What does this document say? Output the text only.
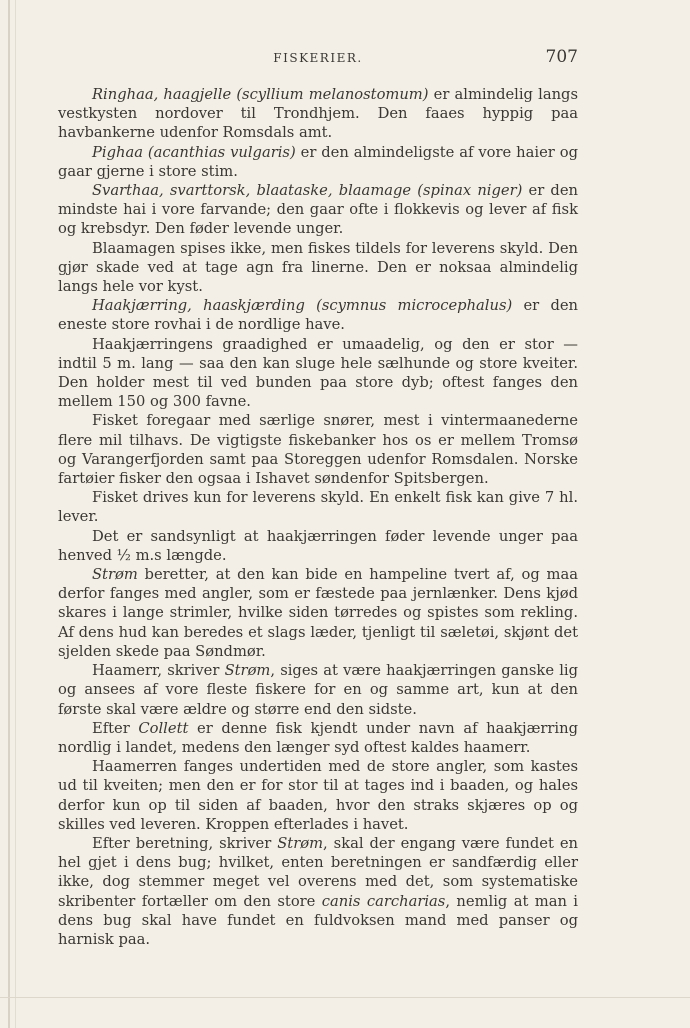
FISKERIER.	707

Ringhaa, haagjelle (scyllium melanostomum) er almindelig langs vestkysten nordover til Trondhjem. Den faaes hyppig paa havbankerne udenfor Romsdals amt.

Pighaa (acanthias vulgaris) er den almindeligste af vore haier og gaar gjerne i store stim.

Svarthaa, svarttorsk, blaataske, blaamage (spinax niger) er den mindste hai i vore farvande; den gaar ofte i flokkevis og lever af fisk og krebsdyr. Den føder levende unger.

Blaamagen spises ikke, men fiskes tildels for leverens skyld. Den gjør skade ved at tage agn fra linerne. Den er noksaa almindelig langs hele vor kyst.

Haakjærring, haaskjærding (scymnus microcephalus) er den eneste store rovhai i de nordlige have.

Haakjærringens graadighed er umaadelig, og den er stor — indtil 5 m. lang — saa den kan sluge hele sælhunde og store kveiter. Den holder mest til ved bunden paa store dyb; oftest fanges den mellem 150 og 300 favne.

Fisket foregaar med særlige snører, mest i vintermaanederne flere mil tilhavs. De vigtigste fiskebanker hos os er mellem Tromsø og Varangerfjorden samt paa Storeggen udenfor Romsdalen. Norske fartøier fisker den ogsaa i Ishavet søndenfor Spitsbergen.

Fisket drives kun for leverens skyld. En enkelt fisk kan give 7 hl. lever.

Det er sandsynligt at haakjærringen føder levende unger paa henved ½ m.s længde.

Strøm beretter, at den kan bide en hampeline tvert af, og maa derfor fanges med angler, som er fæstede paa jernlænker. Dens kjød skares i lange strimler, hvilke siden tørredes og spistes som rekling. Af dens hud kan beredes et slags læder, tjenligt til sæletøi, skjønt det sjelden skede paa Søndmør.

Haamerr, skriver Strøm, siges at være haakjærringen ganske lig og ansees af vore fleste fiskere for en og samme art, kun at den første skal være ældre og større end den sidste.

Efter Collett er denne fisk kjendt under navn af haakjærring nordlig i landet, medens den længer syd oftest kaldes haamerr.

Haamerren fanges undertiden med de store angler, som kastes ud til kveiten; men den er for stor til at tages ind i baaden, og hales derfor kun op til siden af baaden, hvor den straks skjæres op og skilles ved leveren. Kroppen efterlades i havet.

Efter beretning, skriver Strøm, skal der engang være fundet en hel gjet i dens bug; hvilket, enten beretningen er sandfærdig eller ikke, dog stemmer meget vel overens med det, som systematiske skribenter fortæller om den store canis carcharias, nemlig at man i dens bug skal have fundet en fuldvoksen mand med panser og harnisk paa.
